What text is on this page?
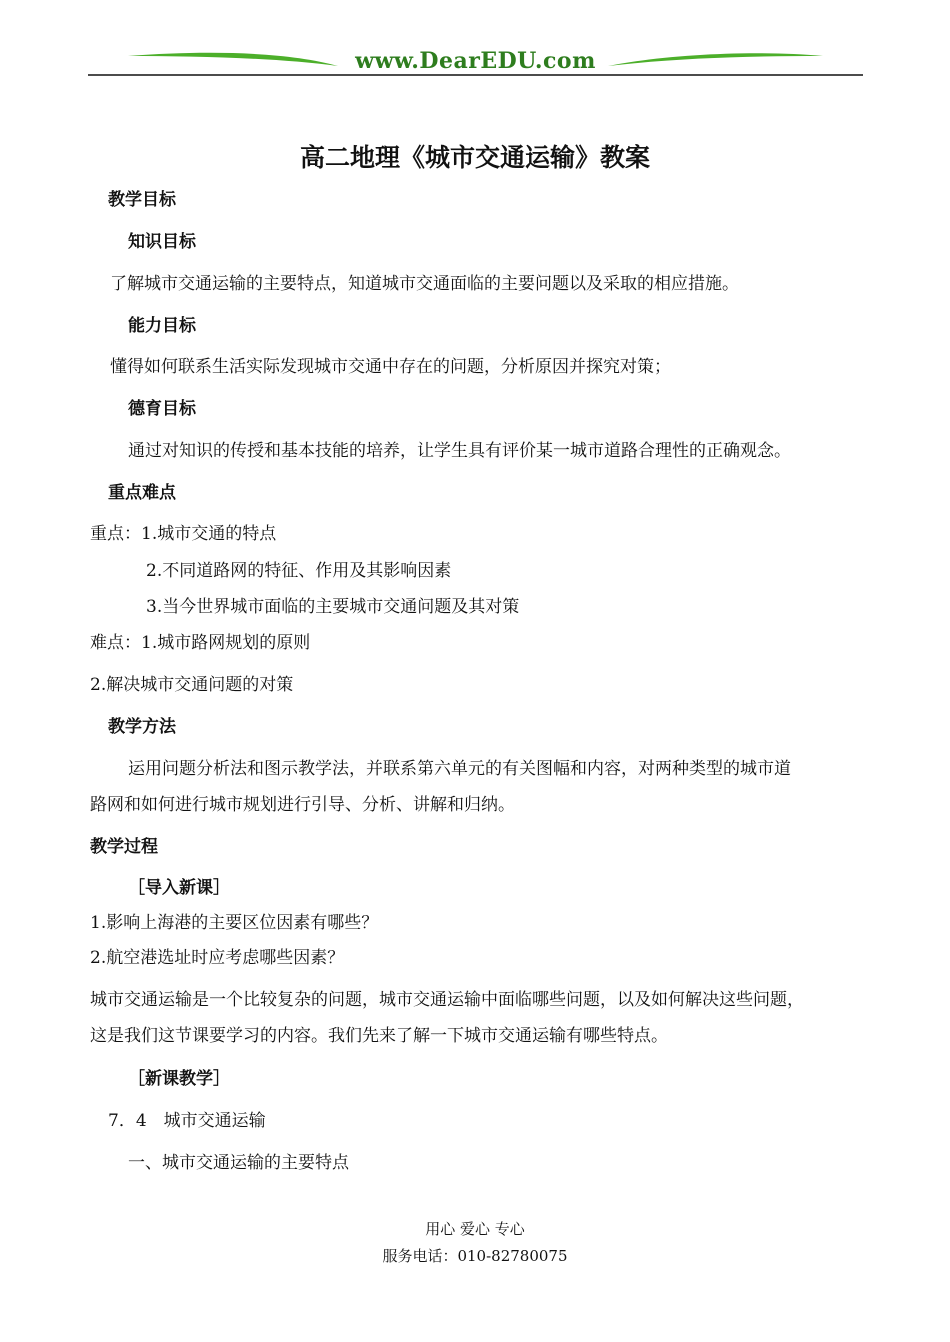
www.DearEDU.com
高二地理《城市交通运输》教案
教学目标
知识目标
了解城市交通运输的主要特点，知道城市交通面临的主要问题以及采取的相应措施。
能力目标
懂得如何联系生活实际发现城市交通中存在的问题，分析原因并探究对策；
德育目标
通过对知识的传授和基本技能的培养，让学生具有评价某一城市道路合理性的正确观念。
重点难点
重点：1.城市交通的特点
2.不同道路网的特征、作用及其影响因素
3.当今世界城市面临的主要城市交通问题及其对策
难点：1.城市路网规划的原则
2.解决城市交通问题的对策
教学方法
运用问题分析法和图示教学法，并联系第六单元的有关图幅和内容，对两种类型的城市道
路网和如何进行城市规划进行引导、分析、讲解和归纳。
教学过程
［导入新课］
1.影响上海港的主要区位因素有哪些？
2.航空港选址时应考虑哪些因素？
城市交通运输是一个比较复杂的问题，城市交通运输中面临哪些问题，以及如何解决这些问题，
这是我们这节课要学习的内容。我们先来了解一下城市交通运输有哪些特点。
［新课教学］
7．4　城市交通运输
一、城市交通运输的主要特点
用心 爱心 专心
服务电话：010-82780075
